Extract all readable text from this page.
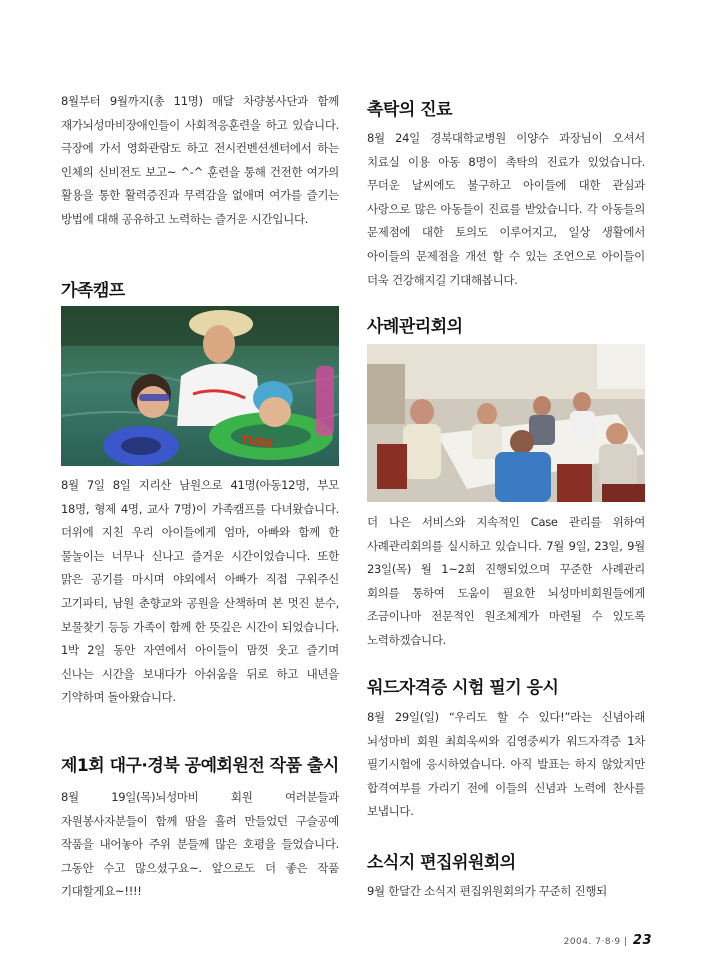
8월부터 9월까지(총 11명) 매달 차량봉사단과 함께 재가뇌성마비장애인들이 사회적응훈련을 하고 있습니다. 극장에 가서 영화관람도 하고 전시컨벤션센터에서 하는 인체의 신비전도 보고~ ^-^ 훈련을 통해 건전한 여가의 활용을 통한 활력증진과 무력감을 없애며 여가를 즐기는 방법에 대해 공유하고 노력하는 즐거운 시간입니다.
가족캠프
TUBE
8월 7일 8일 지리산 남원으로 41명(아동12명, 부모 18명, 형제 4명, 교사 7명)이 가족캠프를 다녀왔습니다. 더위에 지친 우리 아이들에게 엄마, 아빠와 함께 한 물놀이는 너무나 신나고 즐거운 시간이었습니다. 또한 맑은 공기를 마시며 야외에서 아빠가 직접 구워주신 고기파티, 남원 춘향교와 공원을 산책하며 본 멋진 분수, 보물찾기 등등 가족이 함께 한 뜻깊은 시간이 되었습니다. 1박 2일 동안 자연에서 아이들이 맘껏 웃고 즐기며 신나는 시간을 보내다가 아쉬움을 뒤로 하고 내년을 기약하며 돌아왔습니다.
제1회 대구·경북 공예회원전 작품 출시
8월 19일(목)뇌성마비 회원 여러분들과 자원봉사자분들이 함께 땀을 흘려 만들었던 구슬공예 작품을 내어놓아 주위 분들께 많은 호평을 들었습니다. 그동안 수고 많으셨구요~. 앞으로도 더 좋은 작품 기대할게요~!!!!
촉탁의 진료
8월 24일 경북대학교병원 이양수 과장님이 오셔서 치료실 이용 아동 8명이 촉탁의 진료가 있었습니다. 무더운 날씨에도 불구하고 아이들에 대한 관심과 사랑으로 많은 아동들이 진료를 받았습니다. 각 아동들의 문제점에 대한 토의도 이루어지고, 일상 생활에서 아이들의 문제점을 개선 할 수 있는 조언으로 아이들이 더욱 건강해지길 기대해봅니다.
사례관리회의
더 나은 서비스와 지속적인 Case 관리를 위하여 사례관리회의를 실시하고 있습니다. 7월 9일, 23일, 9월 23일(목) 월 1~2회 진행되었으며 꾸준한 사례관리 회의를 통하여 도움이 필요한 뇌성마비회원들에게 조금이나마 전문적인 원조체계가 마련될 수 있도록 노력하겠습니다.
워드자격증 시험 필기 응시
8월 29일(일) “우리도 할 수 있다!”라는 신념아래 뇌성마비 회원 최희욱씨와 김영중씨가 워드자격증 1차 필기시험에 응시하였습니다. 아직 발표는 하지 않았지만 합격여부를 가리기 전에 이들의 신념과 노력에 찬사를 보냅니다.
소식지 편집위원회의
9월 한달간 소식지 편집위원회의가 꾸준히 진행되
2004. 7·8·9 | 23
